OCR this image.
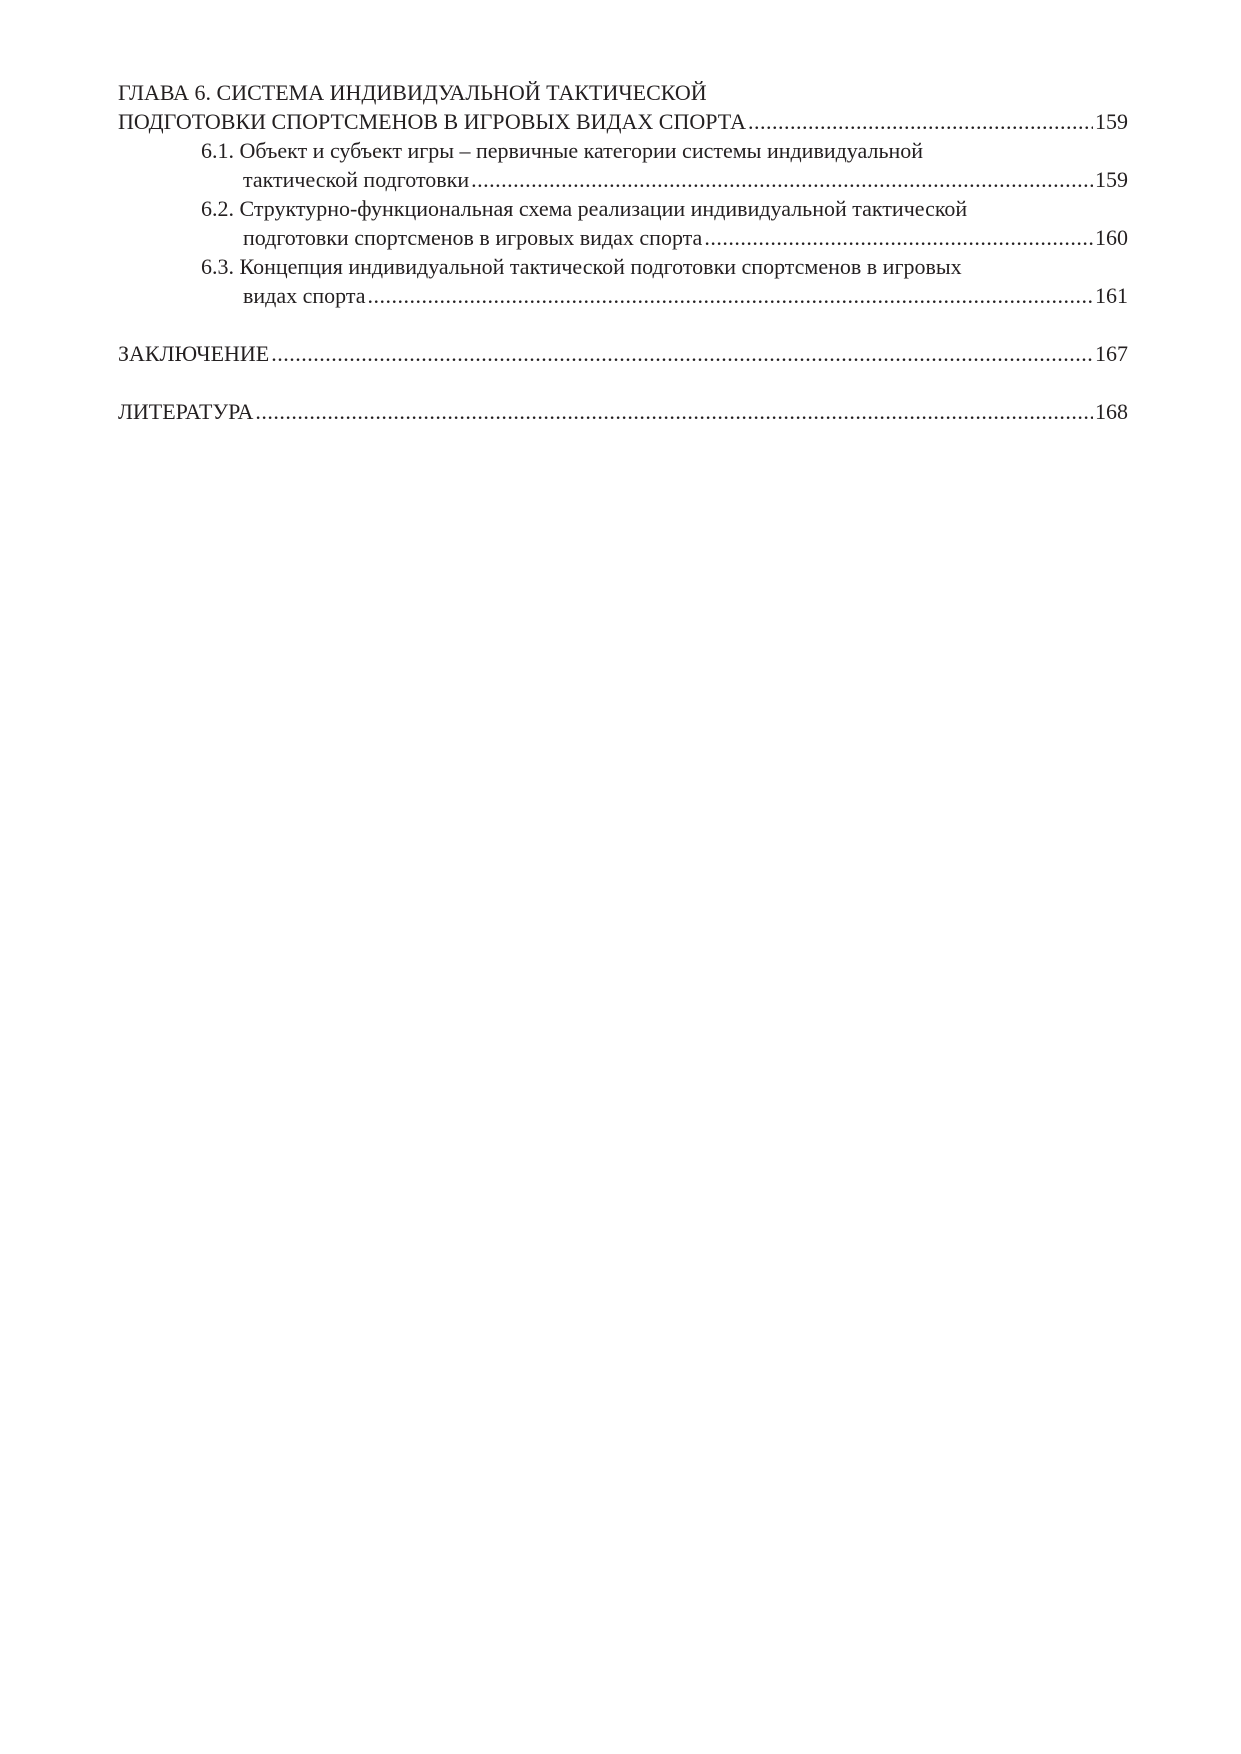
ГЛАВА 6. СИСТЕМА ИНДИВИДУАЛЬНОЙ ТАКТИЧЕСКОЙ
ПОДГОТОВКИ СПОРТСМЕНОВ В ИГРОВЫХ ВИДАХ СПОРТА .....	159
6.1. Объект и субъект игры – первичные категории системы индивидуальной
тактической подготовки .....	159
6.2. Структурно-функциональная схема реализации индивидуальной тактической
подготовки спортсменов в игровых видах спорта .....	160
6.3. Концепция индивидуальной тактической подготовки спортсменов в игровых
видах спорта .....	161
ЗАКЛЮЧЕНИЕ .....	167
ЛИТЕРАТУРА .....	168
